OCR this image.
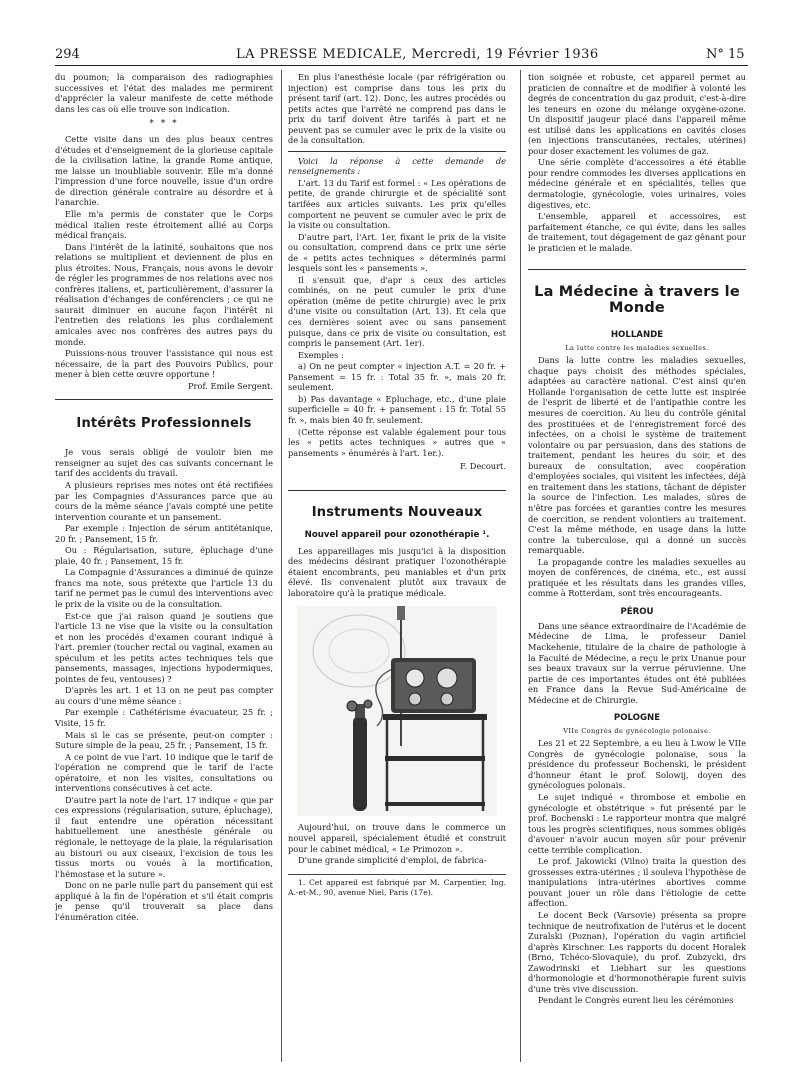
294	LA PRESSE MEDICALE, Mercredi, 19 Février 1936	N° 15

du poumon; la comparaison des radiographies successives et l'état des malades me permirent d'apprécier la valeur manifeste de cette méthode dans les cas où elle trouve son indication.

* * *

Cette visite dans un des plus beaux centres d'études et d'enseignement de la glorieuse capitale de la civilisation latine, la grande Rome antique, me laisse un inoubliable souvenir. Elle m'a donné l'impression d'une force nouvelle, issue d'un ordre de direction générale contraire au désordre et à l'anarchie.

Elle m'a permis de constater que le Corps médical italien reste étroitement allié au Corps médical français.

Dans l'intérêt de la latinité, souhaitons que nos relations se multiplient et deviennent de plus en plus étroites. Nous, Français, nous avons le devoir de régler les programmes de nos relations avec nos confrères italiens, et, particulièrement, d'assurer la réalisation d'échanges de conférenciers ; ce qui ne saurait diminuer en aucune façon l'intérêt ni l'entretien des relations les plus cordialement amicales avec nos confrères des autres pays du monde.

Puissions-nous trouver l'assistance qui nous est nécessaire, de la part des Pouvoirs Publics, pour mener à bien cette œuvre opportune !

Prof. Emile Sergent.

Intérêts Professionnels

Je vous serais obligé de vouloir bien me renseigner au sujet des cas suivants concernant le tarif des accidents du travail.

A plusieurs reprises mes notes ont été rectifiées par les Compagnies d'Assurances parce que au cours de la même séance j'avais compté une petite intervention courante et un pansement.

Par exemple : Injection de sérum antitétanique, 20 fr. ; Pansement, 15 fr.

Ou : Régularisation, suture, épluchage d'une plaie, 40 fr. ; Pansement, 15 fr.

La Compagnie d'Assurances a diminué de quinze francs ma note, sous prétexte que l'article 13 du tarif ne permet pas le cumul des interventions avec le prix de la visite ou de la consultation.

Est-ce que j'ai raison quand je soutiens que l'article 13 ne vise que la visite ou la consultation et non les procédés d'examen courant indiqué à l'art. premier (toucher rectal ou vaginal, examen au spéculum et les petits actes techniques tels que pansements, massages, injections hypodermiques, pointes de feu, ventouses) ?

D'après les art. 1 et 13 on ne peut pas compter au cours d'une même séance :

Par exemple : Cathétérisme évacuateur, 25 fr. ; Visite, 15 fr.

Mais si le cas se présente, peut-on compter : Suture simple de la peau, 25 fr. ; Pansement, 15 fr.

A ce point de vue l'art. 10 indique que le tarif de l'opération ne comprend que le tarif de l'acte opératoire, et non les visites, consultations ou interventions consécutives à cet acte.

D'autre part la note de l'art. 17 indique « que par ces expressions (régularisation, suture, épluchage), il faut entendre une opération nécessitant habituellement une anesthésie générale ou régionale, le nettoyage de la plaie, la régularisation au bistouri ou aux ciseaux, l'excision de tous les tissus morts ou voués à la mortification, l'hémostase et la suture ».

Donc on ne parle nulle part du pansement qui est appliqué à la fin de l'opération et s'il était compris je pense qu'il trouverait sa place dans l'énumération citée.

En plus l'anesthésie locale (par réfrigération ou injection) est comprise dans tous les prix du présent tarif (art. 12). Donc, les autres procédés ou petits actes que l'arrêté ne comprend pas dans le prix du tarif doivent être tarifés à part et ne peuvent pas se cumuler avec le prix de la visite ou de la consultation.

Voici la réponse à cette demande de renseignements :

L'art. 13 du Tarif est formel : « Les opérations de petite, de grande chirurgie et de spécialité sont tarifées aux articles suivants. Les prix qu'elles comportent ne peuvent se cumuler avec le prix de la visite ou consultation.

D'autre part, l'Art. 1er, fixant le prix de la visite ou consultation, comprend dans ce prix une série de « petits actes techniques » déterminés parmi lesquels sont les « pansements ».

Il s'ensuit que, d'apr s ceux des articles combinés, on ne peut cumuler le prix d'une opération (même de petite chirurgie) avec le prix d'une visite ou consultation (Art. 13). Et cela que ces dernières soient avec ou sans pansement puisque, dans ce prix de visite ou consultation, est compris le pansement (Art. 1er).

Exemples :

a) On ne peut compter « injection A.T. = 20 fr. + Pansement = 15 fr. : Total 35 fr. », mais 20 fr. seulement.

b) Pas davantage « Epluchage, etc., d'une plaie superficielle = 40 fr. + pansement : 15 fr. Total 55 fr. », mais bien 40 fr. seulement.

(Cette réponse est valable également pour tous les « petits actes techniques » autres que « pansements » énumérés à l'art. 1er.).

F. Decourt.

Instruments Nouveaux
Nouvel appareil pour ozonothérapie ¹.

Les appareillages mis jusqu'ici à la disposition des médecins désirant pratiquer l'ozonothérapie étaient encombrants, peu maniables et d'un prix élevé. Ils convenaient plutôt aux travaux de laboratoire qu'à la pratique médicale.

Aujourd'hui, on trouve dans le commerce un nouvel appareil, spécialement étudié et construit pour le cabinet médical, « Le Primozon ».

D'une grande simplicité d'emploi, de fabrica-

1. Cet appareil est fabriqué par M. Carpentier, Ing. A.-et-M., 90, avenue Niel, Paris (17e).

tion soignée et robuste, cet appareil permet au praticien de connaître et de modifier à volonté les degrés de concentration du gaz produit, c'est-à-dire les teneurs en ozone du mélange oxygène-ozone. Un dispositif jaugeur placé dans l'appareil même est utilisé dans les applications en cavités closes (en injections transcutanées, rectales, utérines) pour doser exactement les volumes de gaz.

Une série complète d'accessoires a été établie pour rendre commodes les diverses applications en médecine générale et en spécialités, telles que dermatologie, gynécologie, voies urinaires, voies digestives, etc.

L'ensemble, appareil et accessoires, est parfaitement étanche, ce qui évite, dans les salles de traitement, tout dégagement de gaz gênant pour le praticien et le malade.

La Médecine à travers le Monde
HOLLANDE
La lutte contre les maladies sexuelles.

Dans la lutte contre les maladies sexuelles, chaque pays choisit des méthodes spéciales, adaptées au caractère national. C'est ainsi qu'en Hollande l'organisation de cette lutte est inspirée de l'esprit de liberté et de l'antipathie contre les mesures de coercition. Au lieu du contrôle génital des prostituées et de l'enregistrement forcé des infectées, on a choisi le système de traitement volontaire ou par persuasion, dans des stations de traitement, pendant les heures du soir, et des bureaux de consultation, avec coopération d'employées sociales, qui visitent les infectées, déjà en traitement dans les stations, tâchant de dépister la source de l'infection. Les malades, sûres de n'être pas forcées et garanties contre les mesures de coercition, se rendent volontiers au traitement. C'est la même méthode, en usage dans la lutte contre la tuberculose, qui a donné un succès remarquable.

La propagande contre les maladies sexuelles au moyen de conférences, de cinéma, etc., est aussi pratiquée et les résultats dans les grandes villes, comme à Rotterdam, sont très encourageants.

PÉROU

Dans une séance extraordinaire de l'Académie de Médecine de Lima, le professeur Daniel Mackehenie, titulaire de la chaire de pathologie à la Faculté de Médecine, a reçu le prix Unanue pour ses beaux travaux sur la verrue péruvienne. Une partie de ces importantes études ont été publiées en France dans la Revue Sud-Américaine de Médecine et de Chirurgie.

POLOGNE
VIIe Congrès de gynécologie polonaise.

Les 21 et 22 Septembre, a eu lieu à Lwow le VIIe Congrès de gynécologie polonaise, sous la présidence du professeur Bochenski, le président d'honneur étant le prof. Solowij, doyen des gynécologues polonais.

Le sujet indiqué « thrombose et embolie en gynécologie et obstétrique » fut présenté par le prof. Bochenski : Le rapporteur montra que malgré tous les progrès scientifiques, nous sommes obligés d'avouer n'avoir aucun moyen sûr pour prévenir cette terrible complication.

Le prof. Jakowicki (Vilno) traita la question des grossesses extra-utérines ; il souleva l'hypothèse de manipulations intra-utérines abortives comme pouvant jouer un rôle dans l'étiologie de cette affection.

Le docent Beck (Varsovie) présenta sa propre technique de neutrofixation de l'utérus et le docent Zuralski (Poznan), l'opération du vagin artificiel d'après Kirschner. Les rapports du docent Horalek (Brno, Tchéco-Slovaquie), du prof. Zubzycki, drs Zawodrinski et Liebhart sur les questions d'hormonologie et d'hormonothérapie furent suivis d'une très vive discussion.

Pendant le Congrès eurent lieu les cérémonies
